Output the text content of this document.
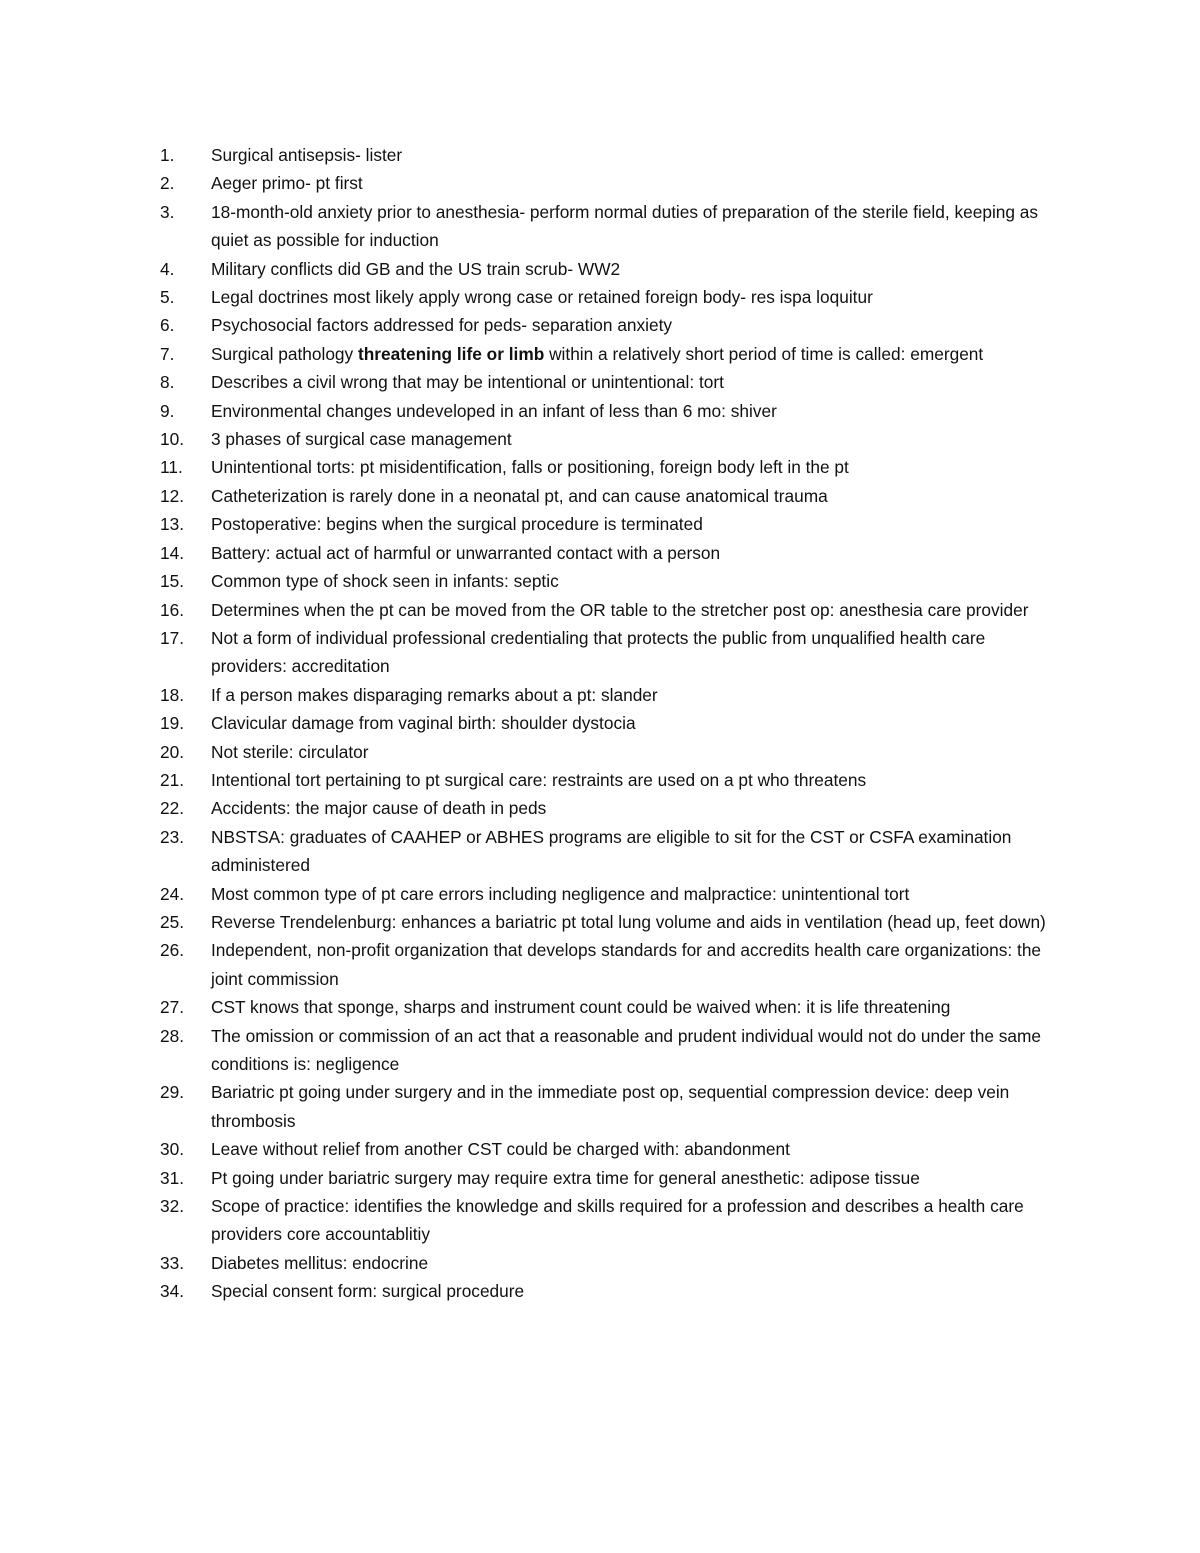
1.	Surgical antisepsis- lister
2.	Aeger primo- pt first
3.	18-month-old anxiety prior to anesthesia- perform normal duties of preparation of the sterile field, keeping as quiet as possible for induction
4.	Military conflicts did GB and the US train scrub- WW2
5.	Legal doctrines most likely apply wrong case or retained foreign body- res ispa loquitur
6.	Psychosocial factors addressed for peds- separation anxiety
7.	Surgical pathology threatening life or limb within a relatively short period of time is called: emergent
8.	Describes a civil wrong that may be intentional or unintentional: tort
9.	Environmental changes undeveloped in an infant of less than 6 mo: shiver
10.	3 phases of surgical case management
11.	Unintentional torts: pt misidentification, falls or positioning, foreign body left in the pt
12.	Catheterization is rarely done in a neonatal pt, and can cause anatomical trauma
13.	Postoperative: begins when the surgical procedure is terminated
14.	Battery: actual act of harmful or unwarranted contact with a person
15.	Common type of shock seen in infants: septic
16.	Determines when the pt can be moved from the OR table to the stretcher post op: anesthesia care provider
17.	Not a form of individual professional credentialing that protects the public from unqualified health care providers: accreditation
18.	If a person makes disparaging remarks about a pt: slander
19.	Clavicular damage from vaginal birth: shoulder dystocia
20.	Not sterile: circulator
21.	Intentional tort pertaining to pt surgical care: restraints are used on a pt who threatens
22.	Accidents: the major cause of death in peds
23.	NBSTSA: graduates of CAAHEP or ABHES programs are eligible to sit for the CST or CSFA examination administered
24.	Most common type of pt care errors including negligence and malpractice: unintentional tort
25.	Reverse Trendelenburg: enhances a bariatric pt total lung volume and aids in ventilation (head up, feet down)
26.	Independent, non-profit organization that develops standards for and accredits health care organizations: the joint commission
27.	CST knows that sponge, sharps and instrument count could be waived when: it is life threatening
28.	The omission or commission of an act that a reasonable and prudent individual would not do under the same conditions is: negligence
29.	Bariatric pt going under surgery and in the immediate post op, sequential compression device: deep vein thrombosis
30.	Leave without relief from another CST could be charged with: abandonment
31.	Pt going under bariatric surgery may require extra time for general anesthetic: adipose tissue
32.	Scope of practice: identifies the knowledge and skills required for a profession and describes a health care providers core accountablitiy
33.	Diabetes mellitus: endocrine
34.	Special consent form: surgical procedure
